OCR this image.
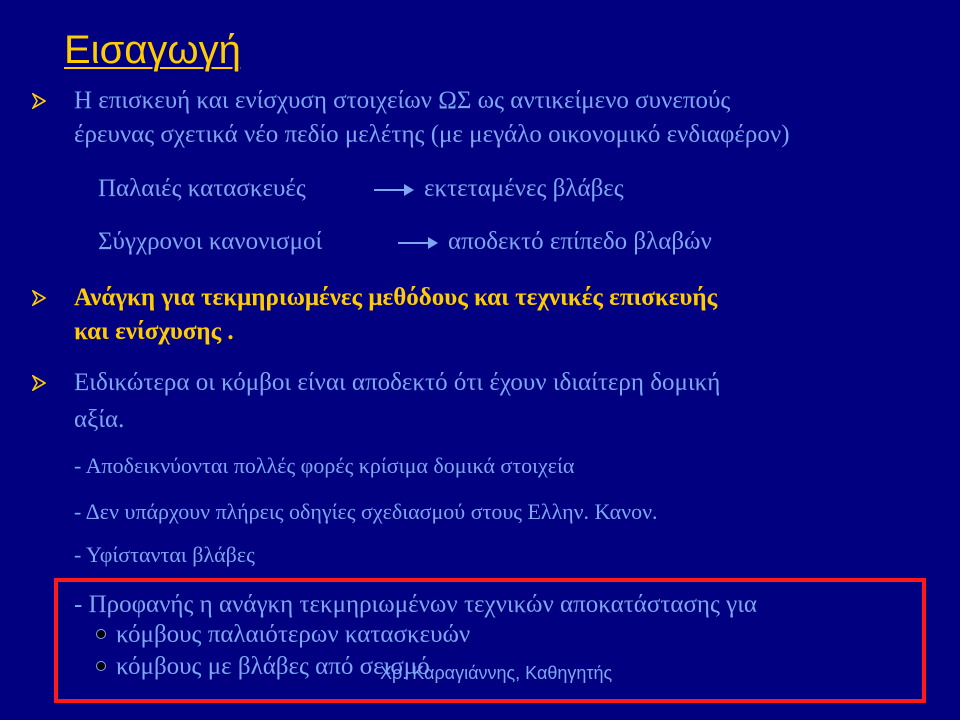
Εισαγωγή
Η επισκευή και ενίσχυση στοιχείων ΩΣ ως αντικείμενο συνεπούς
έρευνας σχετικά νέο πεδίο μελέτης (με μεγάλο οικονομικό ενδιαφέρον)
Παλαιές κατασκευές	εκτεταμένες βλάβες
Σύγχρονοι κανονισμοί	αποδεκτό επίπεδο βλαβών
Ανάγκη για τεκμηριωμένες μεθόδους και τεχνικές επισκευής
και ενίσχυσης .
Ειδικώτερα οι κόμβοι είναι αποδεκτό ότι έχουν ιδιαίτερη δομική
αξία.
- Αποδεικνύονται πολλές φορές κρίσιμα δομικά στοιχεία
- Δεν υπάρχουν πλήρεις οδηγίες σχεδιασμού στους Ελλην. Κανον.
- Υφίστανται βλάβες
- Προφανής η ανάγκη τεκμηριωμένων τεχνικών αποκατάστασης για
κόμβους παλαιότερων κατασκευών
κόμβους με βλάβες από σεισμό
Χρ. Καραγιάννης, Καθηγητής
